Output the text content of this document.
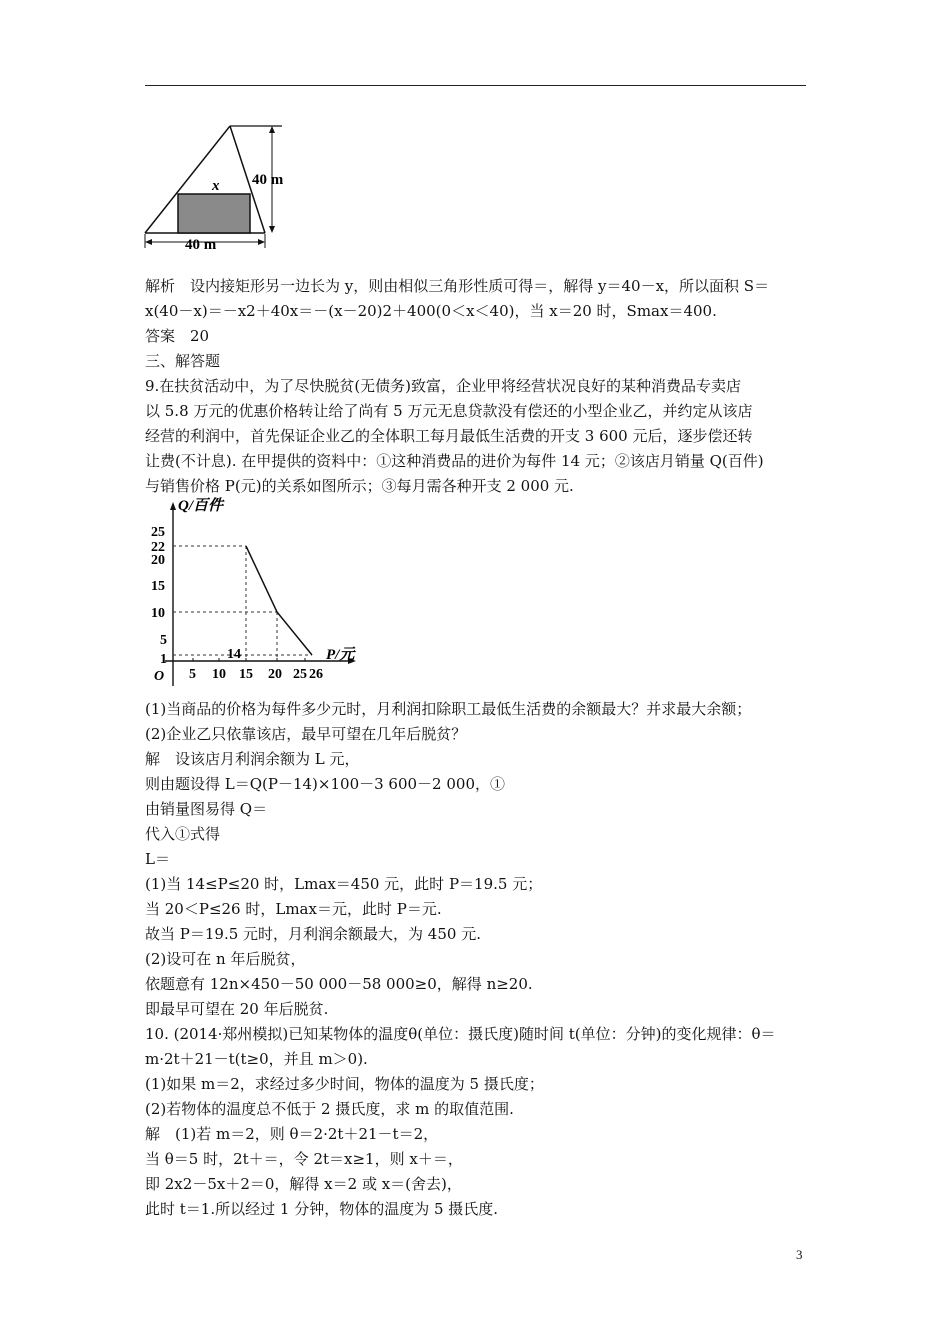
40 m
40 m
x
Q/百件
P/元
O
25
22
20
15
10
5
1
5 10 15 20 25 26
14
解析　设内接矩形另一边长为 y，则由相似三角形性质可得＝，解得 y＝40－x，所以面积 S＝
x(40－x)＝－x2＋40x＝－(x－20)2＋400(0＜x＜40)，当 x＝20 时，Smax＝400.
答案　20
三、解答题
9.在扶贫活动中，为了尽快脱贫(无债务)致富，企业甲将经营状况良好的某种消费品专卖店
以 5.8 万元的优惠价格转让给了尚有 5 万元无息贷款没有偿还的小型企业乙，并约定从该店
经营的利润中，首先保证企业乙的全体职工每月最低生活费的开支 3 600 元后，逐步偿还转
让费(不计息). 在甲提供的资料中：①这种消费品的进价为每件 14 元；②该店月销量 Q(百件)
与销售价格 P(元)的关系如图所示；③每月需各种开支 2 000 元.
(1)当商品的价格为每件多少元时，月利润扣除职工最低生活费的余额最大？并求最大余额；
(2)企业乙只依靠该店，最早可望在几年后脱贫？
解　设该店月利润余额为 L 元，
则由题设得 L＝Q(P－14)×100－3 600－2 000，①
由销量图易得 Q＝
代入①式得
L＝
(1)当 14≤P≤20 时，Lmax＝450 元，此时 P＝19.5 元；
当 20＜P≤26 时，Lmax＝元，此时 P＝元.
故当 P＝19.5 元时，月利润余额最大，为 450 元.
(2)设可在 n 年后脱贫，
依题意有 12n×450－50 000－58 000≥0，解得 n≥20.
即最早可望在 20 年后脱贫.
10. (2014·郑州模拟)已知某物体的温度θ(单位：摄氏度)随时间 t(单位：分钟)的变化规律：θ＝
m·2t＋21－t(t≥0，并且 m＞0).
(1)如果 m＝2，求经过多少时间，物体的温度为 5 摄氏度；
(2)若物体的温度总不低于 2 摄氏度，求 m 的取值范围.
解　(1)若 m＝2，则 θ＝2·2t＋21－t＝2，
当 θ＝5 时，2t＋＝，令 2t＝x≥1，则 x＋＝，
即 2x2－5x＋2＝0，解得 x＝2 或 x＝(舍去)，
此时 t＝1.所以经过 1 分钟，物体的温度为 5 摄氏度.
3
